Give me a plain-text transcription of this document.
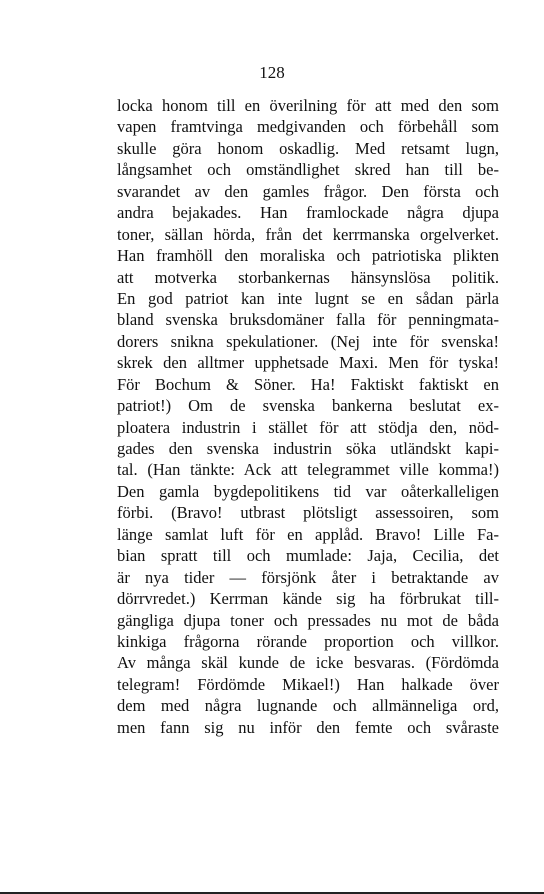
128
locka honom till en överilning för att med den som
vapen framtvinga medgivanden och förbehåll som
skulle göra honom oskadlig. Med retsamt lugn,
långsamhet och omständlighet skred han till be-
svarandet av den gamles frågor. Den första och
andra bejakades. Han framlockade några djupa
toner, sällan hörda, från det kerrmanska orgelverket.
Han framhöll den moraliska och patriotiska plikten
att motverka storbankernas hänsynslösa politik.
En god patriot kan inte lugnt se en sådan pärla
bland svenska bruksdomäner falla för penningmata-
dorers snikna spekulationer. (Nej inte för svenska!
skrek den alltmer upphetsade Maxi. Men för tyska!
För Bochum & Söner. Ha! Faktiskt faktiskt en
patriot!) Om de svenska bankerna beslutat ex-
ploatera industrin i stället för att stödja den, nöd-
gades den svenska industrin söka utländskt kapi-
tal. (Han tänkte: Ack att telegrammet ville komma!)
Den gamla bygdepolitikens tid var oåterkalleligen
förbi. (Bravo! utbrast plötsligt assessoiren, som
länge samlat luft för en applåd. Bravo! Lille Fa-
bian spratt till och mumlade: Jaja, Cecilia, det
är nya tider — försjönk åter i betraktande av
dörrvredet.) Kerrman kände sig ha förbrukat till-
gängliga djupa toner och pressades nu mot de båda
kinkiga frågorna rörande proportion och villkor.
Av många skäl kunde de icke besvaras. (Fördömda
telegram! Fördömde Mikael!) Han halkade över
dem med några lugnande och allmänneliga ord,
men fann sig nu inför den femte och svåraste
